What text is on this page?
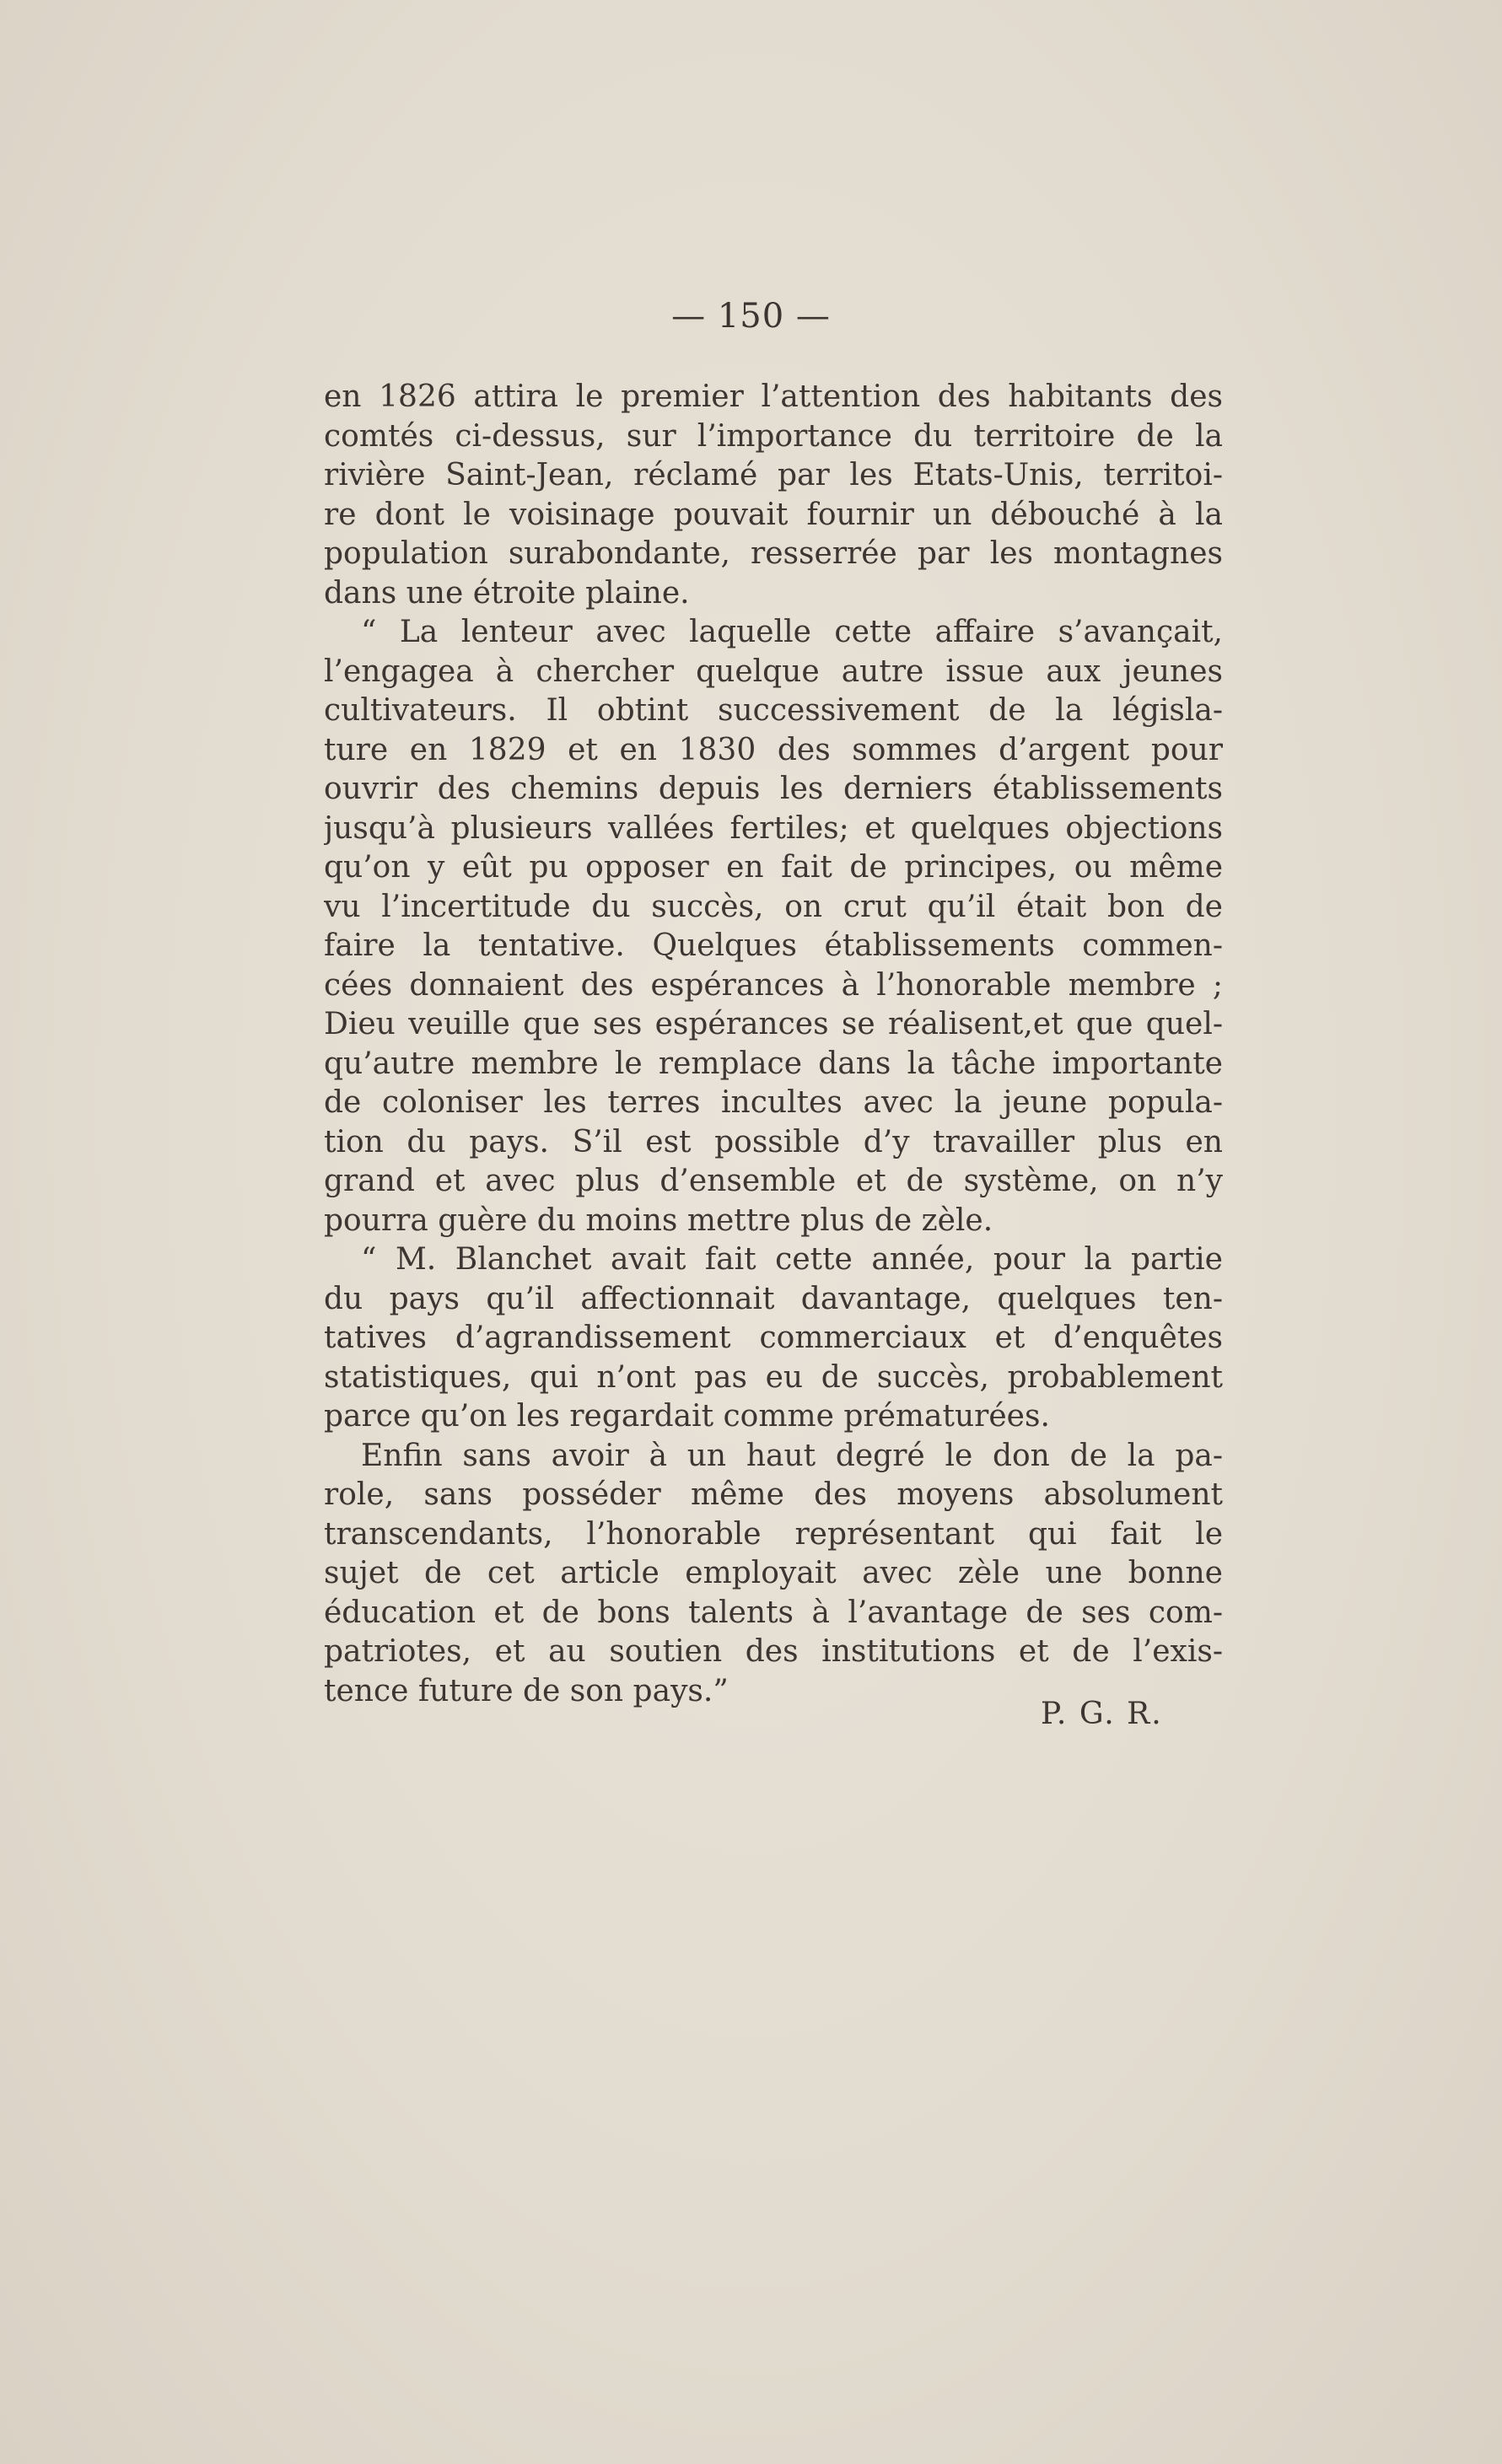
— 150 —
en 1826 attira le premier l’attention des habitants des
comtés ci-dessus, sur l’importance du territoire de la
rivière Saint-Jean, réclamé par les Etats-Unis, territoi-
re dont le voisinage pouvait fournir un débouché à la
population surabondante, resserrée par les montagnes
dans une étroite plaine.
“ La lenteur avec laquelle cette affaire s’avançait,
l’engagea à chercher quelque autre issue aux jeunes
cultivateurs. Il obtint successivement de la législa-
ture en 1829 et en 1830 des sommes d’argent pour
ouvrir des chemins depuis les derniers établissements
jusqu’à plusieurs vallées fertiles; et quelques objections
qu’on y eût pu opposer en fait de principes, ou même
vu l’incertitude du succès, on crut qu’il était bon de
faire la tentative. Quelques établissements commen-
cées donnaient des espérances à l’honorable membre ;
Dieu veuille que ses espérances se réalisent,et que quel-
qu’autre membre le remplace dans la tâche importante
de coloniser les terres incultes avec la jeune popula-
tion du pays. S’il est possible d’y travailler plus en
grand et avec plus d’ensemble et de système, on n’y
pourra guère du moins mettre plus de zèle.
“ M. Blanchet avait fait cette année, pour la partie
du pays qu’il affectionnait davantage, quelques ten-
tatives d’agrandissement commerciaux et d’enquêtes
statistiques, qui n’ont pas eu de succès, probablement
parce qu’on les regardait comme prématurées.
Enfin sans avoir à un haut degré le don de la pa-
role, sans posséder même des moyens absolument
transcendants, l’honorable représentant qui fait le
sujet de cet article employait avec zèle une bonne
éducation et de bons talents à l’avantage de ses com-
patriotes, et au soutien des institutions et de l’exis-
tence future de son pays.”
P. G. R.
